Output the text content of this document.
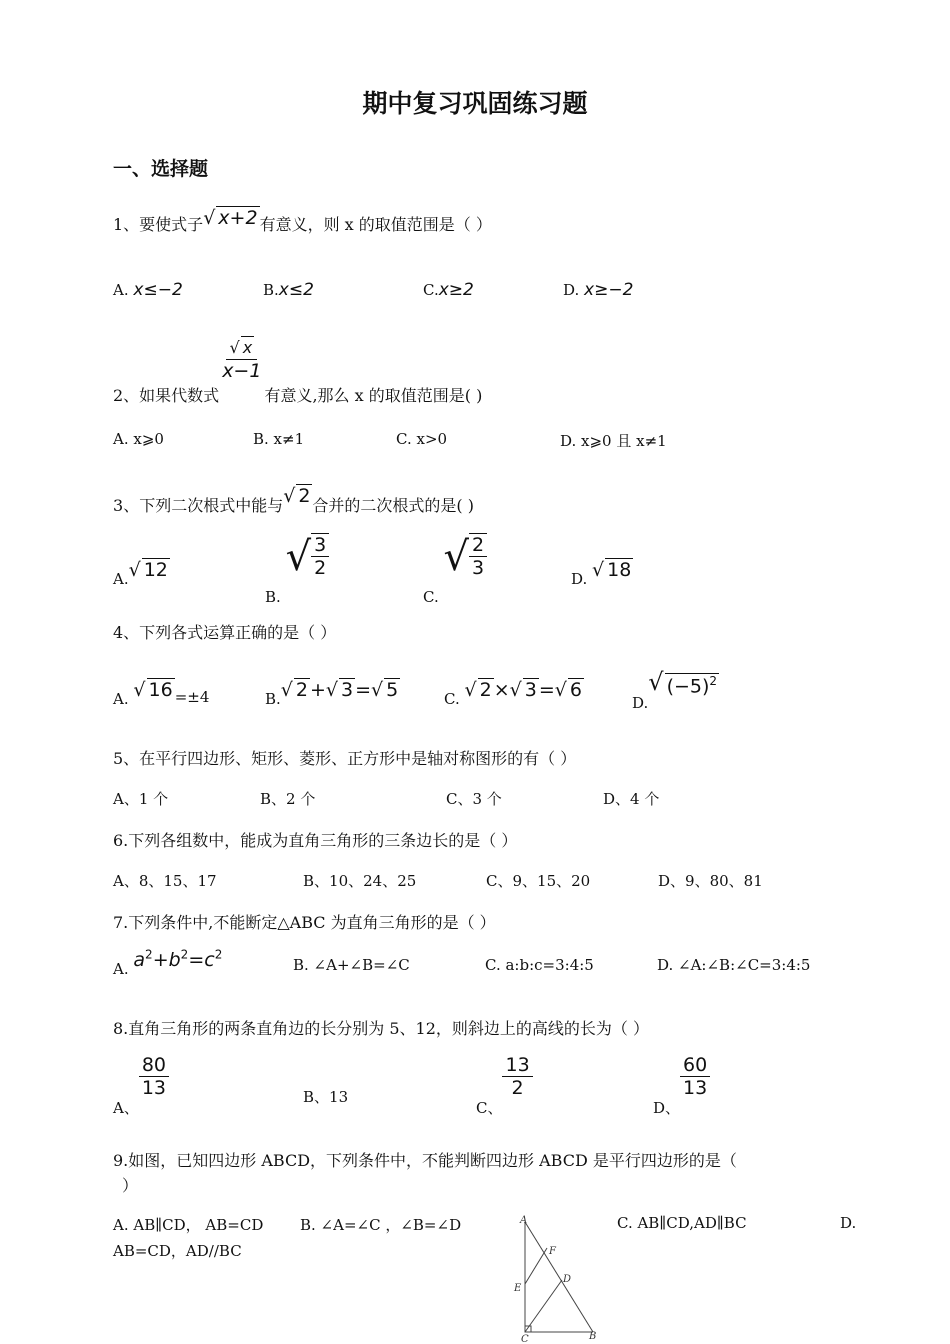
期中复习巩固练习题
一、选择题
1、要使式子√ x+2 有意义，则 x 的取值范围是（ ）
A. x≤−2	B.x≤2	C.x≥2	D. x≥−2
2、如果代数式
$\frac{√ x}{x-1}$
有意义,那么 x 的取值范围是( )
A. x⩾0	B. x≠1	C. x>0	D. x⩾0 且 x≠1
3、下列二次根式中能与√ 2 合并的二次根式的是( )
A.√ 12
B. √ $\frac{3}{2}$
C. √ $\frac{2}{3}$	D. √ 18
4、下列各式运算正确的是（ ）
A. √ 16 =±4	B.√ 2 +√ 3 =√ 5	C. √ 2 ×√ 3 =√ 6
D.√ $(-5)^2$
5、在平行四边形、矩形、菱形、正方形中是轴对称图形的有（ ）
A、1 个	B、2 个	C、3 个	D、4 个
6.下列各组数中，能成为直角三角形的三条边长的是（ ）
A、8、15、17	B、10、24、25	C、9、15、20	D、9、80、81
7.下列条件中,不能断定△ABC 为直角三角形的是（ ）
A. $a^2+b^2=c^2$
B. ∠A+∠B=∠C	C. a:b:c=3:4:5	D. ∠A:∠B:∠C=3:4:5
8.直角三角形的两条直角边的长分别为 5、12，则斜边上的高线的长为（ ）
A、
$\frac{80}{13}$	B、13
C、
$\frac{13}{2}$
D、
$\frac{60}{13}$
9.如图，已知四边形 ABCD，下列条件中，不能判断四边形 ABCD 是平行四边形的是（
）
A. AB∥CD， AB=CD B. ∠A=∠C ，∠B=∠D	C. AB∥CD,AD∥BC	D.
AB=CD，AD//BC
A
F
D
E
C	B
